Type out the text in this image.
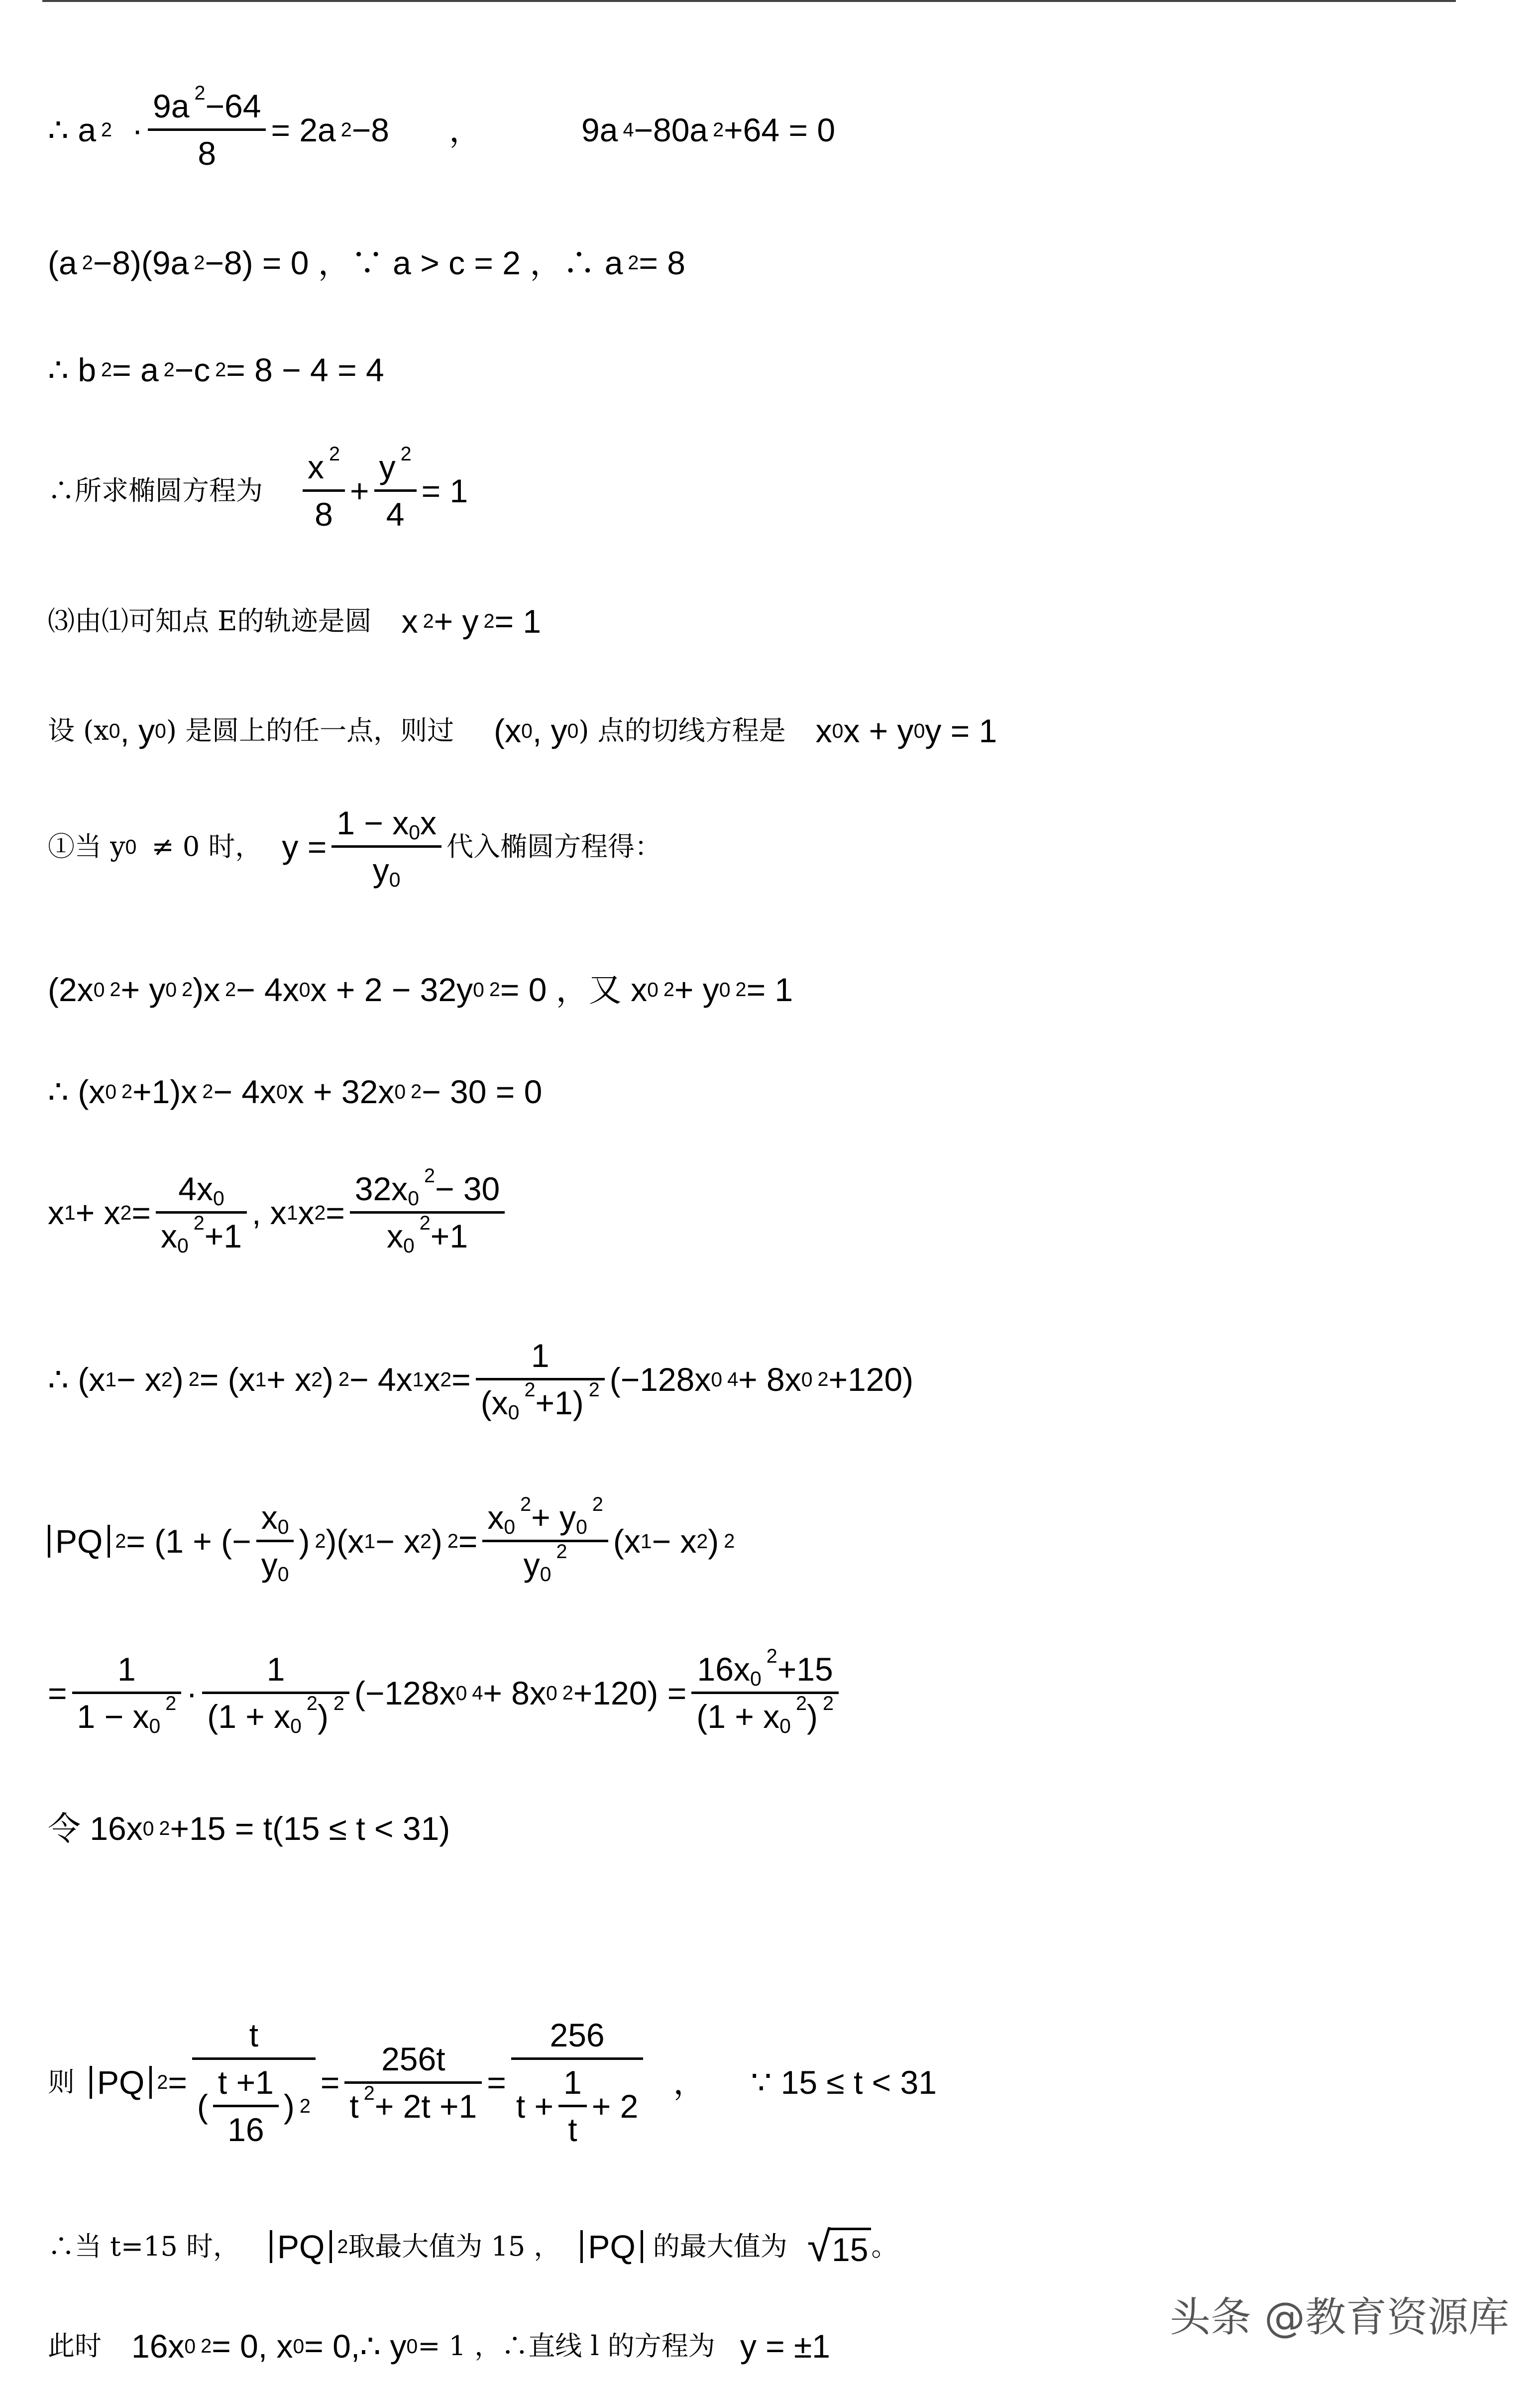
∴ a $2 \cdot \frac{9a ^2-64}{8} = 2a$ 2 −8 ，	9a 4 −80a 2 +64 = 0
(a 2 −8)(9a 2 −8) = 0 ，∵ a > c = 2 ，∴ a 2 = 8
∴ b 2 = a 2 −c 2 = 8 − 4 = 4
∴所求椭圆方程为 $\frac{x ^2}{8} + \frac{y ^2}{4} = 1$
⑶由⑴可知点 E的轨迹是圆 x 2 + y 2 = 1
设 (x 0 , y 0 ) 是圆上的任一点，则过 (x 0 , y 0 ) 点的切线方程是 x 0 x + y 0 y = 1
①当 y 0 ≠ 0 时， $y = \frac{1 - x_0x}{y_0}$ 代入椭圆方程得：
(2x 0 2 + y 0 2 )x 2 − 4x 0 x + 2 − 32y 0 2 = 0 ，又 x 0 2 + y 0 2 = 1
∴ (x 0 2 +1)x 2 − 4x 0 x + 32x 0 2 − 30 = 0
x 1 + x $2 = \frac{4x_0}{x_0^2+1}$ , x 1 x $2 = \frac{32x_0^2- 30}{x_0^2+1}$
∴ (x 1 − x 2 ) 2 = (x 1 + x 2 ) 2 − 4x 1 x $2 = \frac{1}{(x_0^2+1) ^2} (-128x$ 0 4 + 8x 0 2 +120)
PQ 2 = (1 + (− $\frac{x_0}{y_0}$ ) 2 )(x 1 − x 2 ) $2 = \frac{x_0^2+ y_0^2}{y_0^2} (x$ 1 − x 2 ) 2
= $\frac{1}{1 - x_0^2} \cdot \frac{1}{(1 + x_0^2) ^2} (-128x$ 0 4 + 8x 0 $2 +120) = \frac{16x_0^2+15}{(1 + x_0^2) ^2}$
令 16x 0 2 +15 = t(15 ≤ t < 31)
则 PQ $2 = \frac{t}{( \frac{t +1}{16} ) 2} = \frac{256t}{t ^2+ 2t +1} = \frac{256}{t + \frac{1}{t} + 2}$ ， ∵ 15 ≤ t < 31
∴当 t=15 时， PQ 2 取最大值为 15 ， PQ 的最大值为 √ 15 。
此时 16x 0 2 = 0, x 0 = 0,∴ y 0 = 1 ，∴直线 l 的方程为 y = ±1
头条 @教育资源库
